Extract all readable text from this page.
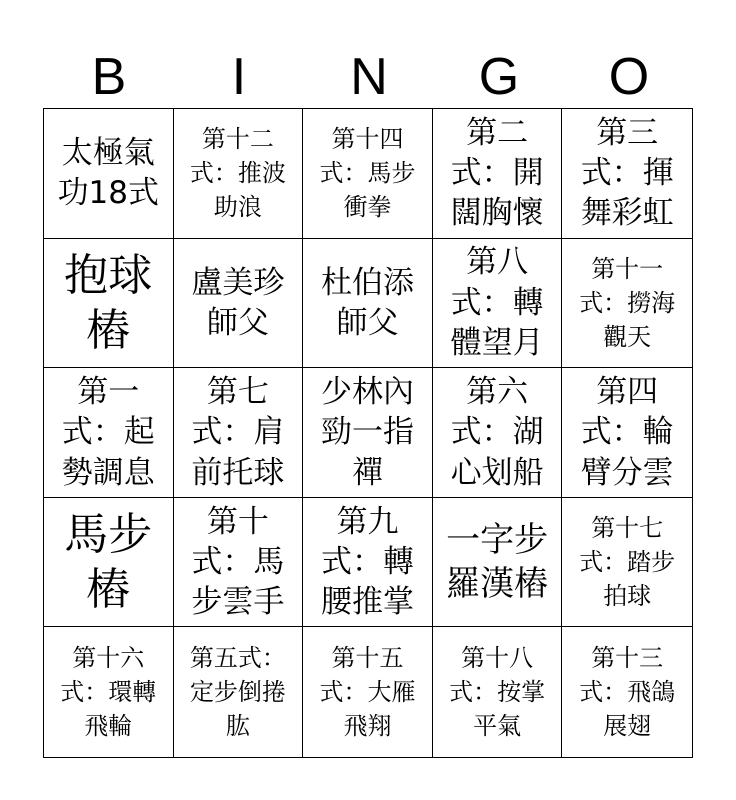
B	I	N	G	O
太極氣功18式
第十二式：推波助浪
第十四式：馬步衝拳
第二式：開闊胸懷
第三式：揮舞彩虹
抱球樁
盧美珍師父
杜伯添師父
第八式：轉體望月
第十一式：撈海觀天
第一式：起勢調息
第七式：肩前托球
少林內勁一指禪
第六式：湖心划船
第四式：輪臂分雲
馬步樁
第十式：馬步雲手
第九式：轉腰推掌
一字步羅漢樁
第十七式：踏步拍球
第十六式：環轉飛輪
第五式：定步倒捲肱
第十五式：大雁飛翔
第十八式：按掌平氣
第十三式：飛鴿展翅
